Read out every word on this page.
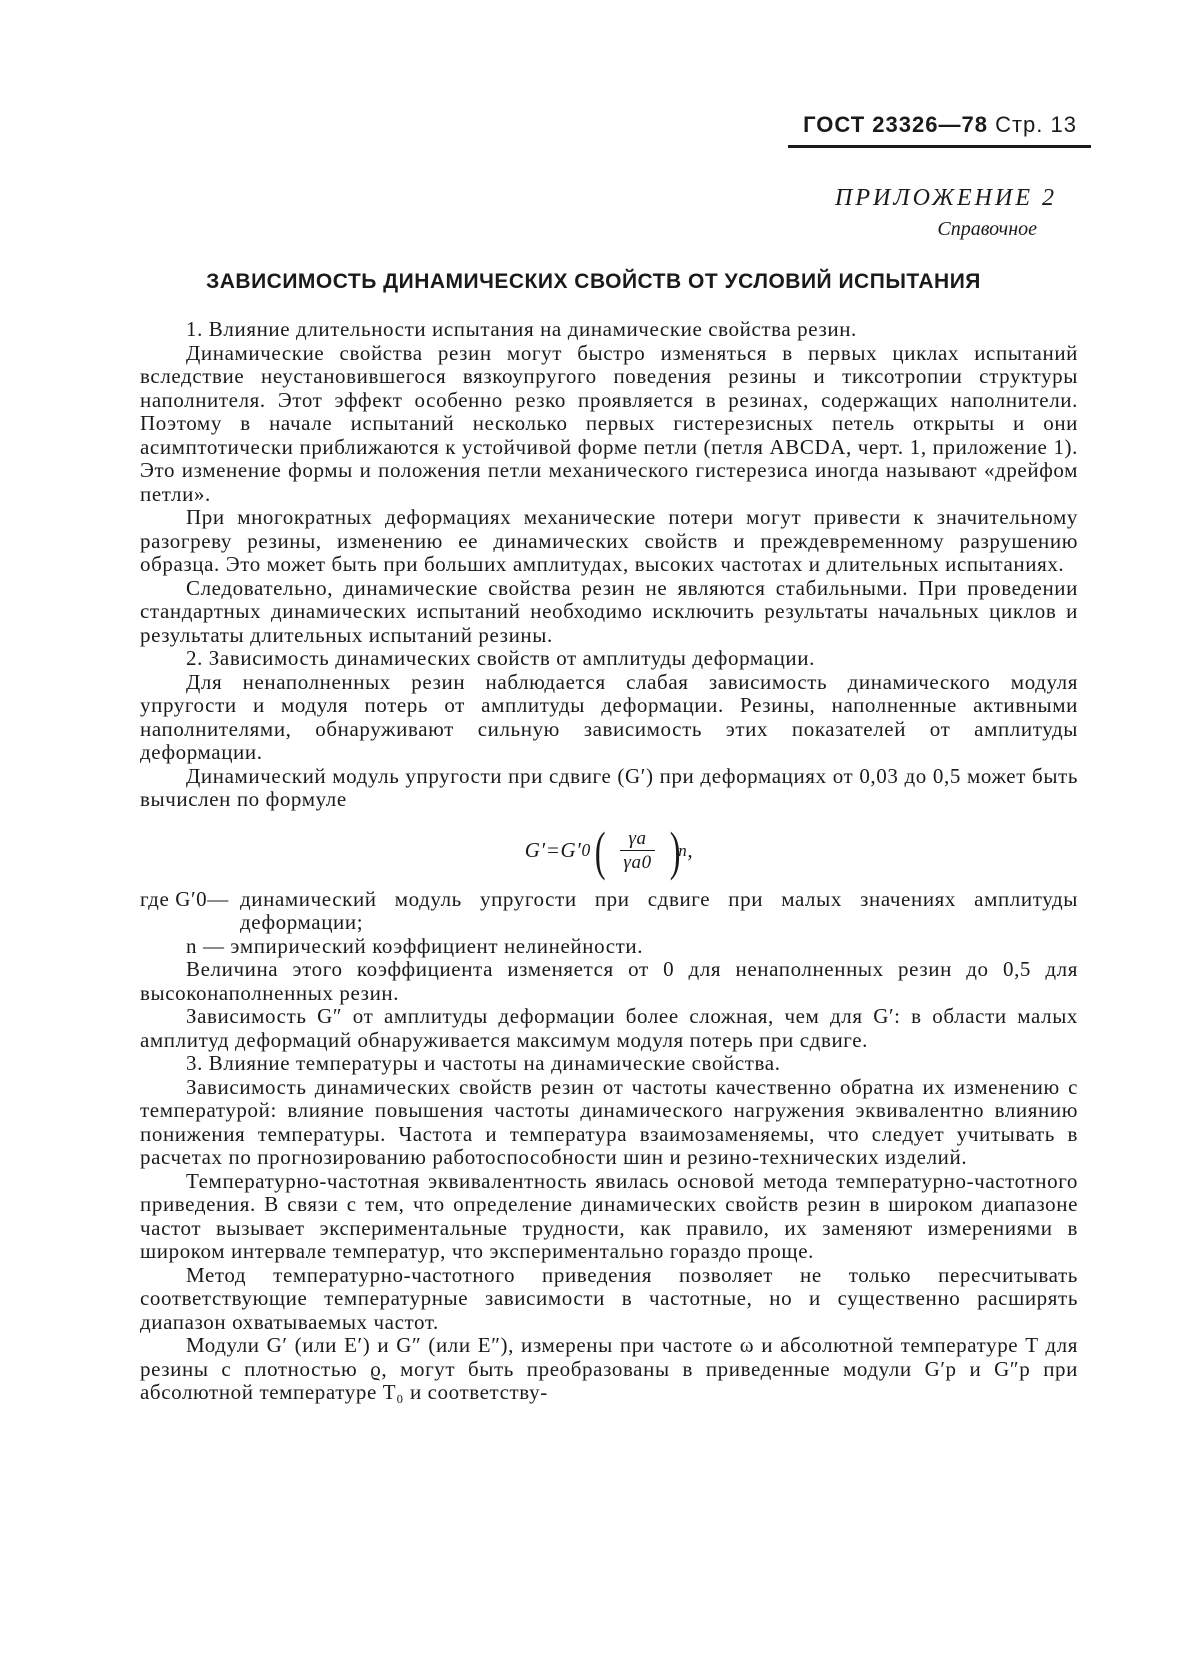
ГОСТ 23326—78 Стр. 13
ПРИЛОЖЕНИЕ 2
Справочное
ЗАВИСИМОСТЬ ДИНАМИЧЕСКИХ СВОЙСТВ ОТ УСЛОВИЙ ИСПЫТАНИЯ

1. Влияние длительности испытания на динамические свойства резин.

Динамические свойства резин могут быстро изменяться в первых циклах испытаний вследствие неустановившегося вязкоупругого поведения резины и тиксотропии структуры наполнителя. Этот эффект особенно резко проявляется в резинах, содержащих наполнители. Поэтому в начале испытаний несколько первых гистерезисных петель открыты и они асимптотически приближаются к устойчивой форме петли (петля ABCDA, черт. 1, приложение 1). Это изменение формы и положения петли механического гистерезиса иногда называют «дрейфом петли».

При многократных деформациях механические потери могут привести к значительному разогреву резины, изменению ее динамических свойств и преждевременному разрушению образца. Это может быть при больших амплитудах, высоких частотах и длительных испытаниях.

Следовательно, динамические свойства резин не являются стабильными. При проведении стандартных динамических испытаний необходимо исключить результаты начальных циклов и результаты длительных испытаний резины.

2. Зависимость динамических свойств от амплитуды деформации.

Для ненаполненных резин наблюдается слабая зависимость динамического модуля упругости и модуля потерь от амплитуды деформации. Резины, наполненные активными наполнителями, обнаруживают сильную зависимость этих показателей от амплитуды деформации.

Динамический модуль упругости при сдвиге (G′) при деформациях от 0,03 до 0,5 может быть вычислен по формуле

G′=G′ 0 ( $\frac{\gamma a}{\gamma a0}$ )
n ,
где G′0— динамический модуль упругости при сдвиге при малых значениях амплитуды деформации;
n — эмпирический коэффициент нелинейности.

Величина этого коэффициента изменяется от 0 для ненаполненных резин до 0,5 для высоконаполненных резин.

Зависимость G″ от амплитуды деформации более сложная, чем для G′: в области малых амплитуд деформаций обнаруживается максимум модуля потерь при сдвиге.

3. Влияние температуры и частоты на динамические свойства.

Зависимость динамических свойств резин от частоты качественно обратна их изменению с температурой: влияние повышения частоты динамического нагружения эквивалентно влиянию понижения температуры. Частота и температура взаимозаменяемы, что следует учитывать в расчетах по прогнозированию работоспособности шин и резино-технических изделий.

Температурно-частотная эквивалентность явилась основой метода температурно-частотного приведения. В связи с тем, что определение динамических свойств резин в широком диапазоне частот вызывает экспериментальные трудности, как правило, их заменяют измерениями в широком интервале температур, что экспериментально гораздо проще.

Метод температурно-частотного приведения позволяет не только пересчитывать соответствующие температурные зависимости в частотные, но и существенно расширять диапазон охватываемых частот.

Модули G′ (или E′) и G″ (или E″), измерены при частоте ω и абсолютной температуре T для резины с плотностью ϱ, могут быть преобразованы в приведенные модули G′p и G″p при абсолютной температуре T₀ и соответству-
